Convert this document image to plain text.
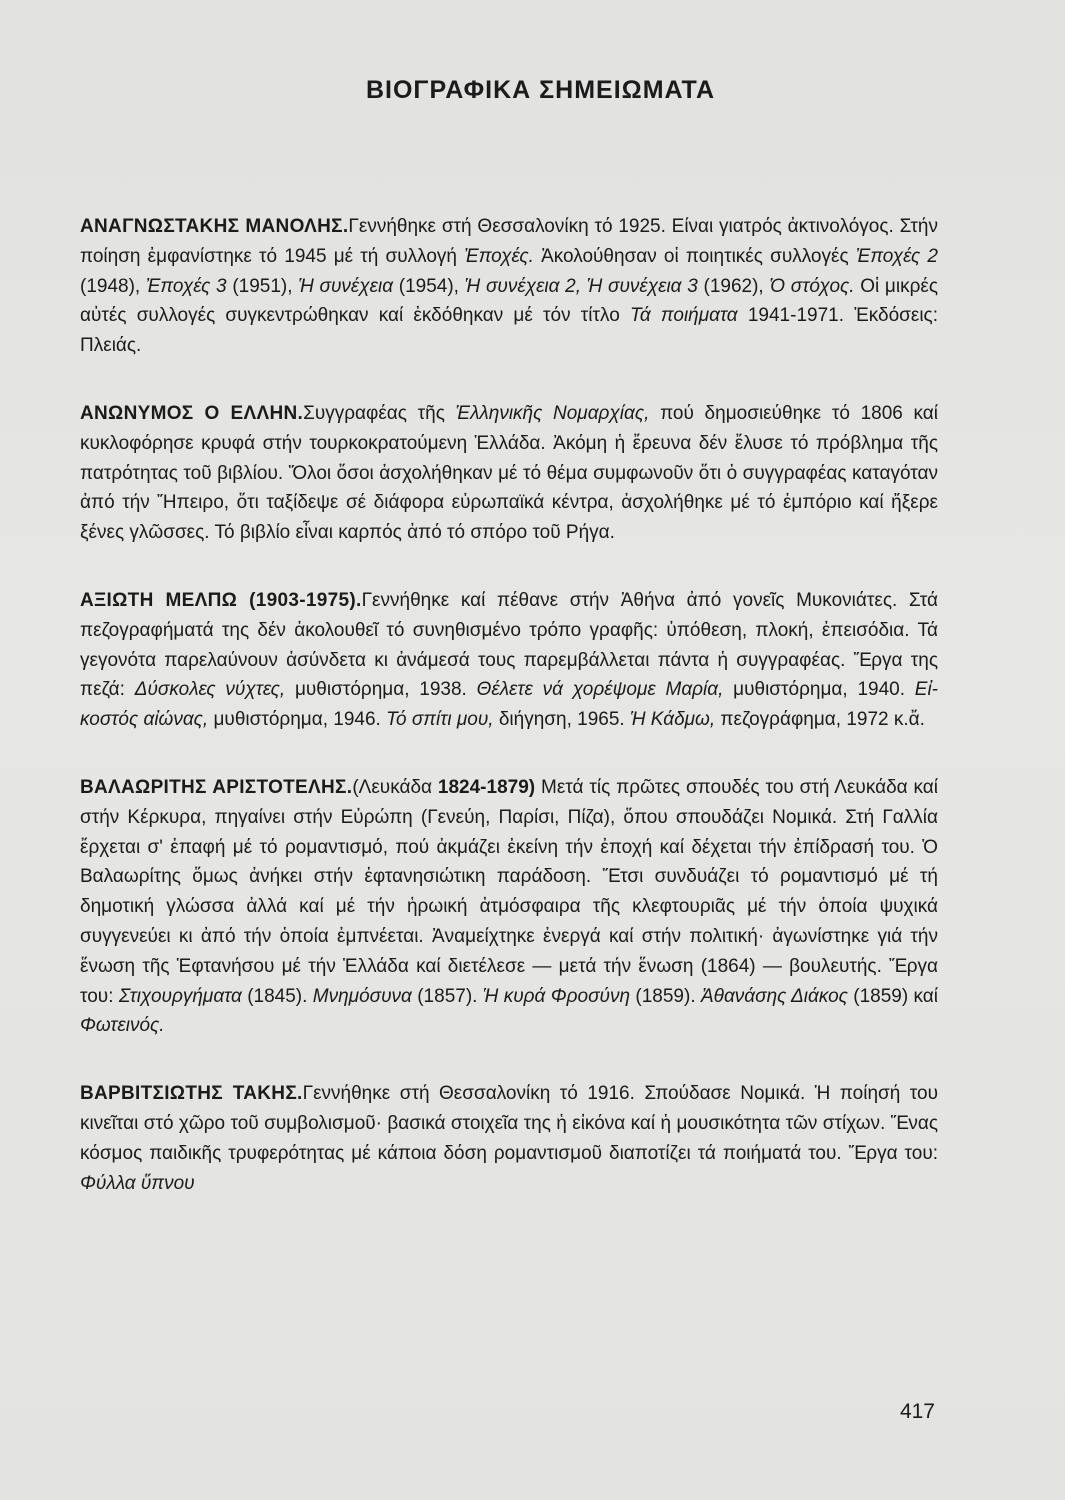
ΒΙΟΓΡΑΦΙΚΑ ΣΗΜΕΙΩΜΑΤΑ

ΑΝΑΓΝΩΣΤΑΚΗΣ ΜΑΝΟΛΗΣ.Γεννήθηκε στή Θεσσαλονίκη τό 1925. Είναι γιατρός ἀκτινολόγος. Στήν ποίηση ἐμφανίστηκε τό 1945 μέ τή συλλογή Ἐποχές. Ἀκολούθησαν οἱ ποιητικές συλλογές Ἐποχές 2 (1948), Ἐποχές 3 (1951), Ἡ συνέχεια (1954), Ἡ συνέχεια 2, Ἡ συνέχεια 3 (1962), Ὁ στόχος. Οἱ μικρές αὐτές συλλογές συγκεντρώθηκαν καί ἐκδόθηκαν μέ τόν τίτλο Τά ποιήματα 1941-1971. Ἐκδόσεις: Πλειάς.

ΑΝΩΝΥΜΟΣ Ο ΕΛΛΗΝ.Συγγραφέας τῆς Ἑλληνικῆς Νομαρχίας, πού δημοσιεύθηκε τό 1806 καί κυκλοφόρησε κρυφά στήν τουρκοκρατούμενη Ἑλλάδα. Ἀκόμη ἡ ἔρευνα δέν ἔλυσε τό πρόβλημα τῆς πατρότητας τοῦ βιβλίου. Ὅλοι ὅσοι ἀσχολήθηκαν μέ τό θέμα συμφωνοῦν ὅτι ὁ συγγραφέας καταγόταν ἀπό τήν Ἤπειρο, ὅτι ταξίδεψε σέ διάφορα εὐρωπαϊκά κέντρα, ἀσχολήθηκε μέ τό ἐμπόριο καί ἤξερε ξένες γλῶσσες. Τό βιβλίο εἶναι καρπός ἀπό τό σπόρο τοῦ Ρήγα.

ΑΞΙΩΤΗ ΜΕΛΠΩ (1903-1975).Γεννήθηκε καί πέθανε στήν Ἀθήνα ἀπό γονεῖς Μυκονιάτες. Στά πεζογραφήματά της δέν ἀκολουθεῖ τό συνηθισμένο τρόπο γραφῆς: ὑπόθεση, πλοκή, ἐπεισόδια. Τά γεγονότα παρελαύνουν ἀσύνδετα κι ἀνάμεσά τους παρεμβάλλεται πάντα ἡ συγγραφέας. Ἔργα της πεζά: Δύσκολες νύχτες, μυθιστόρημα, 1938. Θέλετε νά χορέψομε Μαρία, μυθιστόρημα, 1940. Εἰκοστός αἰώνας, μυθιστόρημα, 1946. Τό σπίτι μου, διήγηση, 1965. Ἡ Κάδμω, πεζογράφημα, 1972 κ.ἄ.

ΒΑΛΑΩΡΙΤΗΣ ΑΡΙΣΤΟΤΕΛΗΣ.(Λευκάδα 1824-1879) Μετά τίς πρῶτες σπουδές του στή Λευκάδα καί στήν Κέρκυρα, πηγαίνει στήν Εὐρώπη (Γενεύη, Παρίσι, Πίζα), ὅπου σπουδάζει Νομικά. Στή Γαλλία ἔρχεται σ' ἐπαφή μέ τό ρομαντισμό, πού ἀκμάζει ἐκείνη τήν ἐποχή καί δέχεται τήν ἐπίδρασή του. Ὁ Βαλαωρίτης ὅμως ἀνήκει στήν ἑφτανησιώτικη παράδοση. Ἔτσι συνδυάζει τό ρομαντισμό μέ τή δημοτική γλώσσα ἀλλά καί μέ τήν ἡρωική ἀτμόσφαιρα τῆς κλεφτουριᾶς μέ τήν ὁποία ψυχικά συγγενεύει κι ἀπό τήν ὁποία ἐμπνέεται. Ἀναμείχτηκε ἐνεργά καί στήν πολιτική· ἀγωνίστηκε γιά τήν ἕνωση τῆς Ἑφτανήσου μέ τήν Ἑλλάδα καί διετέλεσε — μετά τήν ἕνωση (1864) — βουλευτής. Ἔργα του: Στιχουργήματα (1845). Μνημόσυνα (1857). Ἡ κυρά Φροσύνη (1859). Ἀθανάσης Διάκος (1859) καί Φωτεινός.

ΒΑΡΒΙΤΣΙΩΤΗΣ ΤΑΚΗΣ.Γεννήθηκε στή Θεσσαλονίκη τό 1916. Σπούδασε Νομικά. Ἡ ποίησή του κινεῖται στό χῶρο τοῦ συμβολισμοῦ· βασικά στοιχεῖα της ἡ εἰκόνα καί ἡ μουσικότητα τῶν στίχων. Ἕνας κόσμος παιδικῆς τρυφερότητας μέ κάποια δόση ρομαντισμοῦ διαποτίζει τά ποιήματά του. Ἔργα του: Φύλλα ὕπνου

417
